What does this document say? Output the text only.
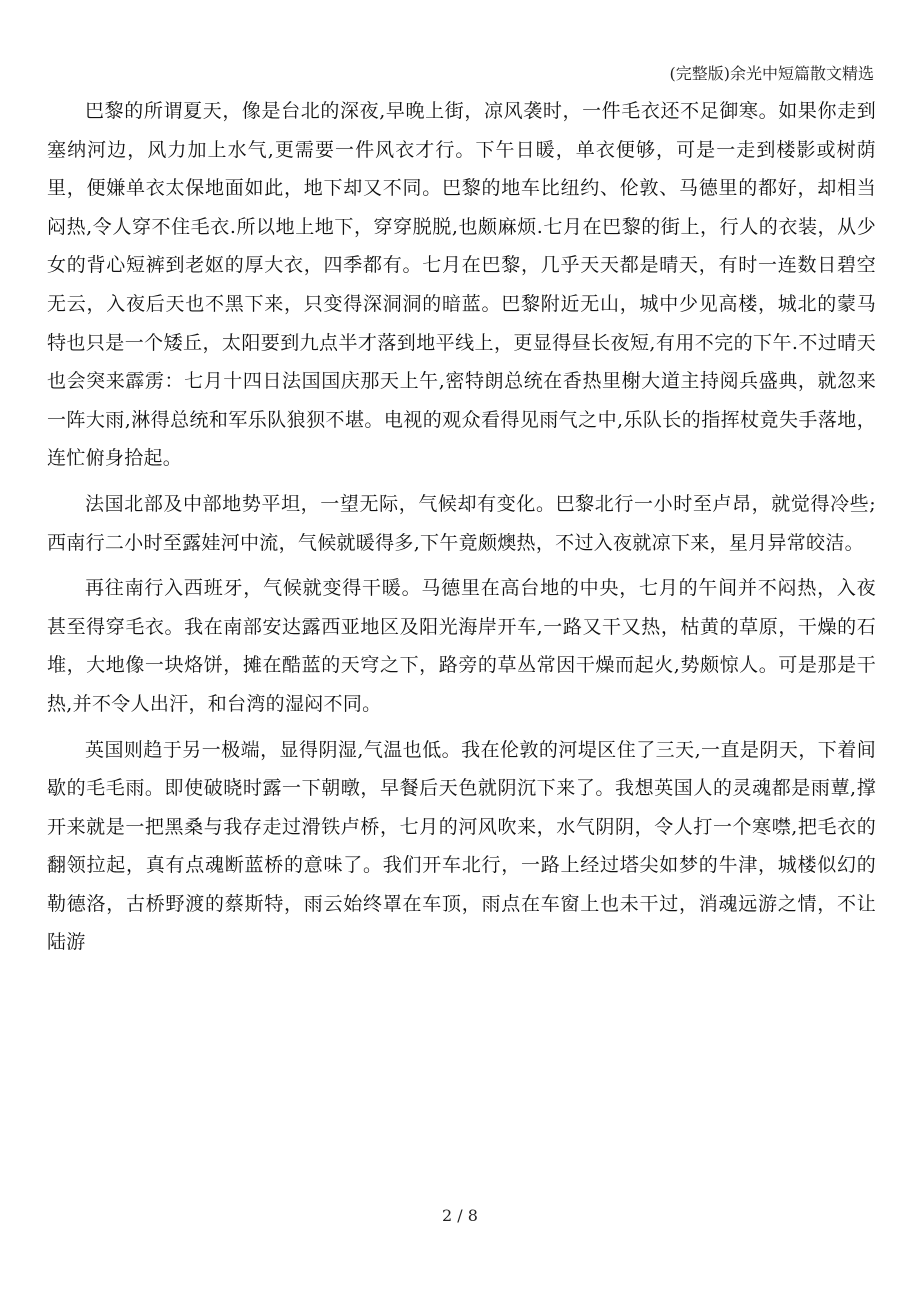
(完整版)余光中短篇散文精选

巴黎的所谓夏天，像是台北的深夜,早晚上街，凉风袭时，一件毛衣还不足御寒。如果你走到塞纳河边，风力加上水气,更需要一件风衣才行。下午日暖，单衣便够，可是一走到楼影或树荫里，便嫌单衣太保地面如此，地下却又不同。巴黎的地车比纽约、伦敦、马德里的都好，却相当闷热,令人穿不住毛衣.所以地上地下，穿穿脱脱,也颇麻烦.七月在巴黎的街上，行人的衣装，从少女的背心短裤到老妪的厚大衣，四季都有。七月在巴黎，几乎天天都是晴天，有时一连数日碧空无云，入夜后天也不黑下来，只变得深洞洞的暗蓝。巴黎附近无山，城中少见高楼，城北的蒙马特也只是一个矮丘，太阳要到九点半才落到地平线上，更显得昼长夜短,有用不完的下午.不过晴天也会突来霹雳：七月十四日法国国庆那天上午,密特朗总统在香热里榭大道主持阅兵盛典，就忽来一阵大雨,淋得总统和军乐队狼狈不堪。电视的观众看得见雨气之中,乐队长的指挥杖竟失手落地，连忙俯身拾起。

法国北部及中部地势平坦，一望无际，气候却有变化。巴黎北行一小时至卢昂，就觉得冷些;西南行二小时至露娃河中流，气候就暖得多,下午竟颇燠热，不过入夜就凉下来，星月异常皎洁。

再往南行入西班牙，气候就变得干暖。马德里在高台地的中央，七月的午间并不闷热，入夜甚至得穿毛衣。我在南部安达露西亚地区及阳光海岸开车,一路又干又热，枯黄的草原，干燥的石堆，大地像一块烙饼，摊在酷蓝的天穹之下，路旁的草丛常因干燥而起火,势颇惊人。可是那是干热,并不令人出汗，和台湾的湿闷不同。

英国则趋于另一极端，显得阴湿,气温也低。我在伦敦的河堤区住了三天,一直是阴天，下着间歇的毛毛雨。即使破晓时露一下朝暾，早餐后天色就阴沉下来了。我想英国人的灵魂都是雨蕈,撑开来就是一把黑桑与我存走过滑铁卢桥，七月的河风吹来，水气阴阴，令人打一个寒噤,把毛衣的翻领拉起，真有点魂断蓝桥的意味了。我们开车北行，一路上经过塔尖如梦的牛津，城楼似幻的勒德洛，古桥野渡的蔡斯特，雨云始终罩在车顶，雨点在车窗上也未干过，消魂远游之情，不让陆游

2 / 8
